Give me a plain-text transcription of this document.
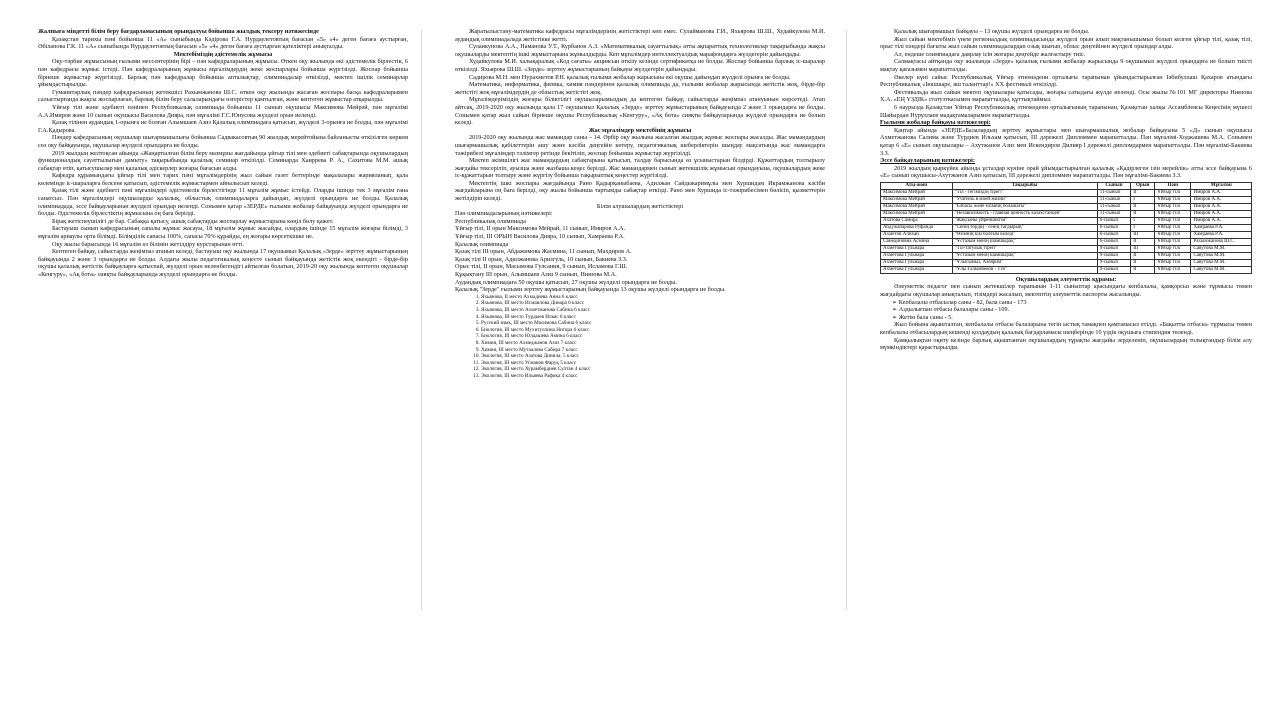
Жалпыға міндетті білім беру бағдарламасының орындалуы бойынша жылдық тексеру нәтижесінде

Қазақстан тарихы пәні бойынша 11 «А» сыныбында Кәдірова Г.А. Нурдаулетовтың бағасын «5» «4» деген бағаға аустырған, Әбілапова Г.К. 11 «А» сыныбында Нурдаулетовтың бағасын «5» «4» деген бағаға аустырған қателіктері анықталды.

Мектебіміздің әдістемелік жұмысы

Оқу-тәрбие жұмысының ғылыми мессентерінің бірі – пән кафедраларының жұмысы. Өткен оқу жылында екі әдістемелік бірлестік, 6 пән кафедрасы жұмыс істеді. Пән кафедраларының жұмысы мұғалімдердің жеке жоспарлары бойынша жүргізілді. Жоспар бойынша бірнеше жұмыстар жүргізілді. Барлық пән кафедралар бойынша апталықтар, олимпиадалар өткізілді, мектеп ішілік семинарлар ұйымдастырылды.

Гуманитарлық пәндер кафедрасының жетекшісі Рахымжанова Ш.С. өткен оқу жылында жасаған жоспары басқа кафедраларымен салыстырғанда жақсы жоспарлаған, барлық білім беру салаларындағы өзгерістер қамтылған, және кептеген жұмыстар атқарылды.

Ұйғыр тілі және әдебиеті пәнінен Республикалық олимпиада бойынша 11 сынып оқушысы Максимова Мейрәй, пән мұғалімі А.А.Имиров және 10 сынып оқушысы Василова Дияра, пән мұғалімі Г.С.Юнусова жүлделі орын иеленді.

Қазақ тілінен аудандық 1-орынға ие болған Алымшаев Азиз Қалалық олимпиадаға қатысып, жүлделі 3-орынға ие болды, пән мұғалімі Г.А.Қадырова.

Пәндер кафедрасының оқушылар шығармашылығы бойынша Садвакасовтың 90 жылдық мерейтойына байланысты өткізілген көркем сөз оқу байқауында, оқушылар жүлделі орындарға ие болды.

2019 жылдың желтоқсан айында «Жаңартылған білім беру мазмұны жағдайында ұйғыр тілі мен әдебиеті сабақтарында оқушылардың функционалдық сауаттылығын дамыту» тақырыбында қалалық семинар өткізілді. Семинарда Хаиррева Р. А., Сахитова М.М. ашық сабақтар өтіп, қатысушылар мен қалалық әдіскерлер жоғары бағасын алды.

Кафедра құрамындағы ұйғыр тілі мен тарих пәні мұғалімдерінің жыл сайын газет беттерінде мақалалары жарияланып, қала көлемінде іс-шараларға белсене қатысып, әдістемелік жұмыстармен айналысып келеді.

Қазақ тілі және әдебиеті пәні мұғалімдері әдістемелік бірлестігінде 11 мұғалім жұмыс істейді. Оларды ішінде тек 3 мұғалім ғана санатсыз. Пән мұғалімдері оқушыларды қалалық, облыстық олимпиадаларға дайындап, жүлделі орындарға ие болды. Қалалық олимпиадада, эссе байқауларынан жүлделі орындар иеленді. Сонымен қатар «ЗЕРДЕ» ғылыми жобалар байқауында жүлделі орындарға ие болды. Әдістемелік бірлестіктің жұмысына оң баға берілді.

Бірақ жетіспеушілігі де бар. Сабаққа қатысу, ашық сабақтарды жоспарлау жұмыстарына көңіл бөлу қажет.

Бастауыш сынып кафедрасының сапалы жұмыс жасауы, 18 мұғалім жұмыс жасайды, олардың ішінде 15 мұғалім жоғары білімді, 3 мұғалім арнаулы орта білімді. Білімділік сапасы 100%, сапасы 70% құрайды, ең жоғары көрсеткішке ие.

Оқу жылы барысында 16 мұғалім өз білімін жетілдіру курстарынан өтті.

Кептеген байқау, сайыстарда жеңімпаз атанып келеді, бастауыш оқу жылында 17 оқушымыз Қалалық «Зерде» зерттеу жұмыстарының байқауында 2 және 3 орындарға ие болды. Алдағы жылы педагогикалық кеңесте сынып байқауында жетістік жоқ екендігі - бірде-бір оқушы қалалық жетістік байқауларға қатыспай, жүлделі орын иеленбегендігі айтылған болатын, 2019-20 оқу жылында кептеген оқушылар «Кенгуру», «Ақ бота» сияқты байқауларында жүлделі орындарға ие болды.

Жаратылыстану-математика кафедрасы мұғалімдерінің жетістіктері көп емес. Сулайманова Г.И., Яхьярова Ш.Ш., Худайкулова М.И. аудандық олимпиадалада жетістікке жетті.

Сулаикунова А.А., Наманова У.Т., Курбанов А.З. «Математикалық сауаттылық» атты ақпараттық технологиялар тақырыбында жақсы оқушыларды мектептің ішкі жұмыстарына жұмылдырды. Кеп мұғалімдер интеллектуалдық марафондарға жүлдегерін дайындады.

Худайкулова М.И. халықаралық «Код сағаты» акциясын өткізу кезінде сертификатқа ие болды. Жоспар бойынша барлық іс-шаралар өткізілді. Яхьярова Ш.Ш. «Зерде» зерттеу жұмыстарының байқауы жүлдегерін дайындады.

Садирова М.Н. мен Нурахметов Р.Н. қалалық ғылыми жобалар жарысына екі оқушы дайындап жүлделі орынға ие болды.

Математика, информатика, физика, химия пәндерінен қалалық олимпиада да, ғылыми жобалар жарысында жетістік жоқ, бірде-бір жетістігі жоқ мұғалімдердің де облыстық жетістігі жоқ.

Мұғалімдеріміздің жоғары біліктілігі оқушыларымыздың да кептеген байқау, сайыстарда жеңімпаз атануынын көрсетеді. Атап айтсақ, 2019-2020 оқу жылында қала 17 оқушымыз Қалалық «Зерде» зерттеу жұмыстарының байқауында 2 және 3 орындарға ие болды. Сонымен қатар жыл сайын бірнеше оқушы Республикалық «Кенгуру», «Ақ бота» сияқты байқауларында жүлделі орындарға ие болып келеді.

Жас мұғалімдер мектебінің жұмысы

2019-2020 оқу жылында жас мамандар саны – 14. Әрбір оқу жылына жасалған жылдық жұмыс жоспары жасалды. Жас мамандардың шығармашылық қабілеттерін ашу және кәсіби деңгейін көтеру, педагогикалық шеберліктерін шыңдау мақсатында жас мамандарға тәжірибелі мұғалімдер тәлімгер ретінде бекітіліп, жоспар бойынша жұмыстар жүргізілді.

Мектеп әкімшілігі жас мамандардың сабақтарына қатысып, талдау барысында өз ұсыныстарын білдірді. Құжаттардың толтырылу жағдайы тексеріліп, ауызша және жазбаша кеңес берілді. Жас мамандармен сынып жетекшілік жұмысын орындауына, оқушылардың жеке іс-құжаттарын толтыру және жүргізу бойынша тақырыптық кеңестер жүргізілді.

Мектептің ішкі жоспары жағдайында Рано Қадырқаныбаева, Адилжан Сайдыкаримұлы мен Хуршидам Икрамжанова кәсіби жағдайларына оң баға берілді, оқу жылы бойынша тартымды сабақтар өткізді. Рано мен Хуршида іс-тәжірибесімен бөлісіп, қызметтерін жетілдіріп келеді.

Білім алушылардың жетістіктері

Пән олимпиадаларының нәтижелері:

Республикалық олимпиада

Ұйғыр тілі, II орын Максимова Мейрай, 11 сынып, Имиров А.А.

Ұйғыр тілі, III ОРЫН Василова Дияра, 10 сынып, Хамраева Р.А.

Қалалық олимпиада

Қазақ тілі III орын, Абдажимова Жасмина, 11 сынып, Махдиров А.

Қазақ тілі II орын, Адилжанова Аризгуль, 10 сынып, Бакиева З.З.

Орыс тілі, II орын, Масымова Гулсания, 9 сынып, Исламова Г.Ш.

Құқықтану III орын, Алымшаев Азиз 9 сынып, Ниязова М.А.

Аудандық олимпиадаға 50 оқушы қатысып, 27 оқушы жүлделі орындарға ие болды.

Қалалық "Зерде" ғылыми зерттеу жұмыстарының байқауында 13 оқушы жүлделі орындарға ие болды.

1. Яхьянова, II место Ахмадиева Анна 6 класс
2. Яхьянова, III место Исмаилова Динара 6 класс
3. Яхьянова, III место Ахметжанова Сабина 6 класс
4. Яхьянова, III место Турдыев Ильяс 6 класс
5. Русский язык, III место Масимова Сабина 6 класс
6. Биология, III место Мухитуллина Нигора 6 класс
7. Биология, III место Юлдашева Амина 6 класс
8. Химия, III место Ахмеджанов Азиз 7 класс
9. Химия, III место Мутаалова Сабира 7 класс
10. Экология, III место Азатова Динила, 5 класс
11. Экология, III место Усманов Фаруқ 5 класс
12. Экология, III место Хурамбердиев Султан 4 класс
13. Экология, III место Ильяева Рафиқа 4 класс

Қалалық шығармашыл байқауы – 13 оқушы жүлделі орындарға ие болды.

Жыл сайын мектебіміз үнем регионалдық олимпиадасында жүлделі орын алып мақтанышымыз болып келген ұйғыр тілі, қазақ тілі, орыс тілі пәндері бағыты жыл сайын олимпиадалардан озық шығып, облыс деңгейінен жүлделі орындар алды.

Ал, ендеше олимпиадаға даярлау ісін жоғары деңгейде жалғастыру тиіс.

Салмақтасы айтқанда оқу жылында «Зерде» қалалық ғылыми жобалар жарысында 9 оқушымыз жүлделі орындарға ие болып тиісті мақтау қағазымен марапатталды.

Әкелер күні сайыс Республикалық Ұйғыр этномәдени орталығы тарапынан ұйымдастырылған Іәбибуллаш Қахаров атындағы Республикалық «Іюшшаре, яш таланттар!» ХХ фестивалі өткізілді.

Фестивальда жыл сайын мектеп оқушылары қатысады, жоғары сатыдағы жүлде иеленді. Осы жылы №101 МГ директоры Ниязова Х.А. «ЕҢ ҮЗДІК» статуэткасымен марапатталды, құттықтаймыз.

6 наурызда Қазақстан Ұйғыр Республикалық этномәдени орталығының тарапынан, Қазақстан халқы Ассамблеясы Кеңесінің мүшесі Шайырдан Нуруллаев мадақтамаларымен марапатталды.

Ғылыми жобалар байқауы нәтижелері:

Қаңтар айында «ЗЕРДЕ»Балалардың зерттеу жұмыстары мен шығармашылық жобалар байқауына 5 «Д» сынып оқушысы Ахметжанова Салима және Турдиев Ильхам қатысып, III дәрежелі Дипломмен марапатталды. Пән мұғалімі-Ходжашева М.А. Сонымен қатар 6 «Е» сынып оқушылары – Ахутжанов Азиз мен Искендиров Дилияр I дәрежелі дипломдармен марапатталды. Пән мұғалімі-Бакиева З.З.

Эссе байқауларының нәтижелері:

2019 жылдың қыркүйек айында ұстаздар күніне орай ұйымдастырылған қалалық «Қадірлеген ізін мерейлік» атты эссе байқауына 6 «Е» сынып оқушысы-Ахутжанов Азиз қатысып, III дәрежелі дипломмен марапатталды. Пән мұғалімі-Бакиева З.З.

Аты-жөні	Тақырыбы	Сынып	Орын	Пәні	Мұғалімі
Максимова Мейрәй	"Тіл - тегіміздің тірегі"	11-сынып	II	Ұйғыр тілі	Имиров А.А.
Максимова Мейрәй	"Учитель в моей жизни"	11-сынып	I	Ұйғыр тілі	Имиров А.А.
Максимова Мейрәй	"Елбасы және елімнің болашағы"	11-сынып	II	Ұйғыр тілі	Имиров А.А.
Максимова Мейрәй	"Независимость - главная ценность казахстанцев"	11-сынып	II	Ұйғыр тілі	Имиров А.А.
Ахатова Самира	"Жақсыны үйреншіктім"	6-сынып	I	Ұйғыр тілі	Имиров А.А.
Абдужапарова Руфанда	"Сенің төрдің - сенің тағдырың"	6-сынып	I	Ұйғыр тілі	Хамраева Р.А.
Ахметов Алихан	"Өзімнің кім болғым келеді"	6-сынып	III	Ұйғыр тілі	Хамраева Р.А.
Самединовна Асмина	"Ұстазым менің шамшырақ"	6-сынып	II	Ұйғыр тілі	Рахымжанова Ш.С.
Ахметова Гульнара	"Тіл-татулық тірегі"	9-сынып	III	Ұйғыр тілі	Савутова М.М.
Ахметова Гульнара	"Ұстазым менің шамшырақ"	9-сынып	II	Ұйғыр тілі	Савутова М.М.
Ахметова Гульнара	"Ұлысымыз, Азеярим"	9-сынып	II	Ұйғыр тілі	Савутова М.М.
Ахметова Гульнара	"Ұлы Ғалымбеков - Тізі"	9-сынып	II	Ұйғыр тілі	Савутова М.М.

Оқушылардың әлеуметтік құрамы:

Әлеуметтік педагог пен сынып жетекшілер тарапынан 1-11 сыныптар арасындағы кепбалалы, қамқорсыз және тұрмысы төмен жағдайдағы оқушылар анықталып, тізімдері жасалып, мектептің әлеуметтік паспорты жасалынды.

➢ Кепбалалы отбасылар саны - 82, бала саны - 173
➢ Аздылығпан отбасы балалары саны - 109.
➢ Жетім бала саны - 5.

Жыл бойына ақышталған, кепбалалы отбасы балаларына тегін ыстық тамақпен қамтамасыз етілді. «Бақытты отбасы» тұрмысы төмен кепбалалы отбасылардың кешенді қолдаудың қалалық бағдарламасы шеңберінде 10 үздік оқушыға стипендия төленді.

Қамқылықтан оқиту кезінде барлық ақыштанған оқушылардың тұрақты жағдайы зерделеніп, оқушылардың толықтандыр білім алу мүмкіндіктері қарастырылды.
